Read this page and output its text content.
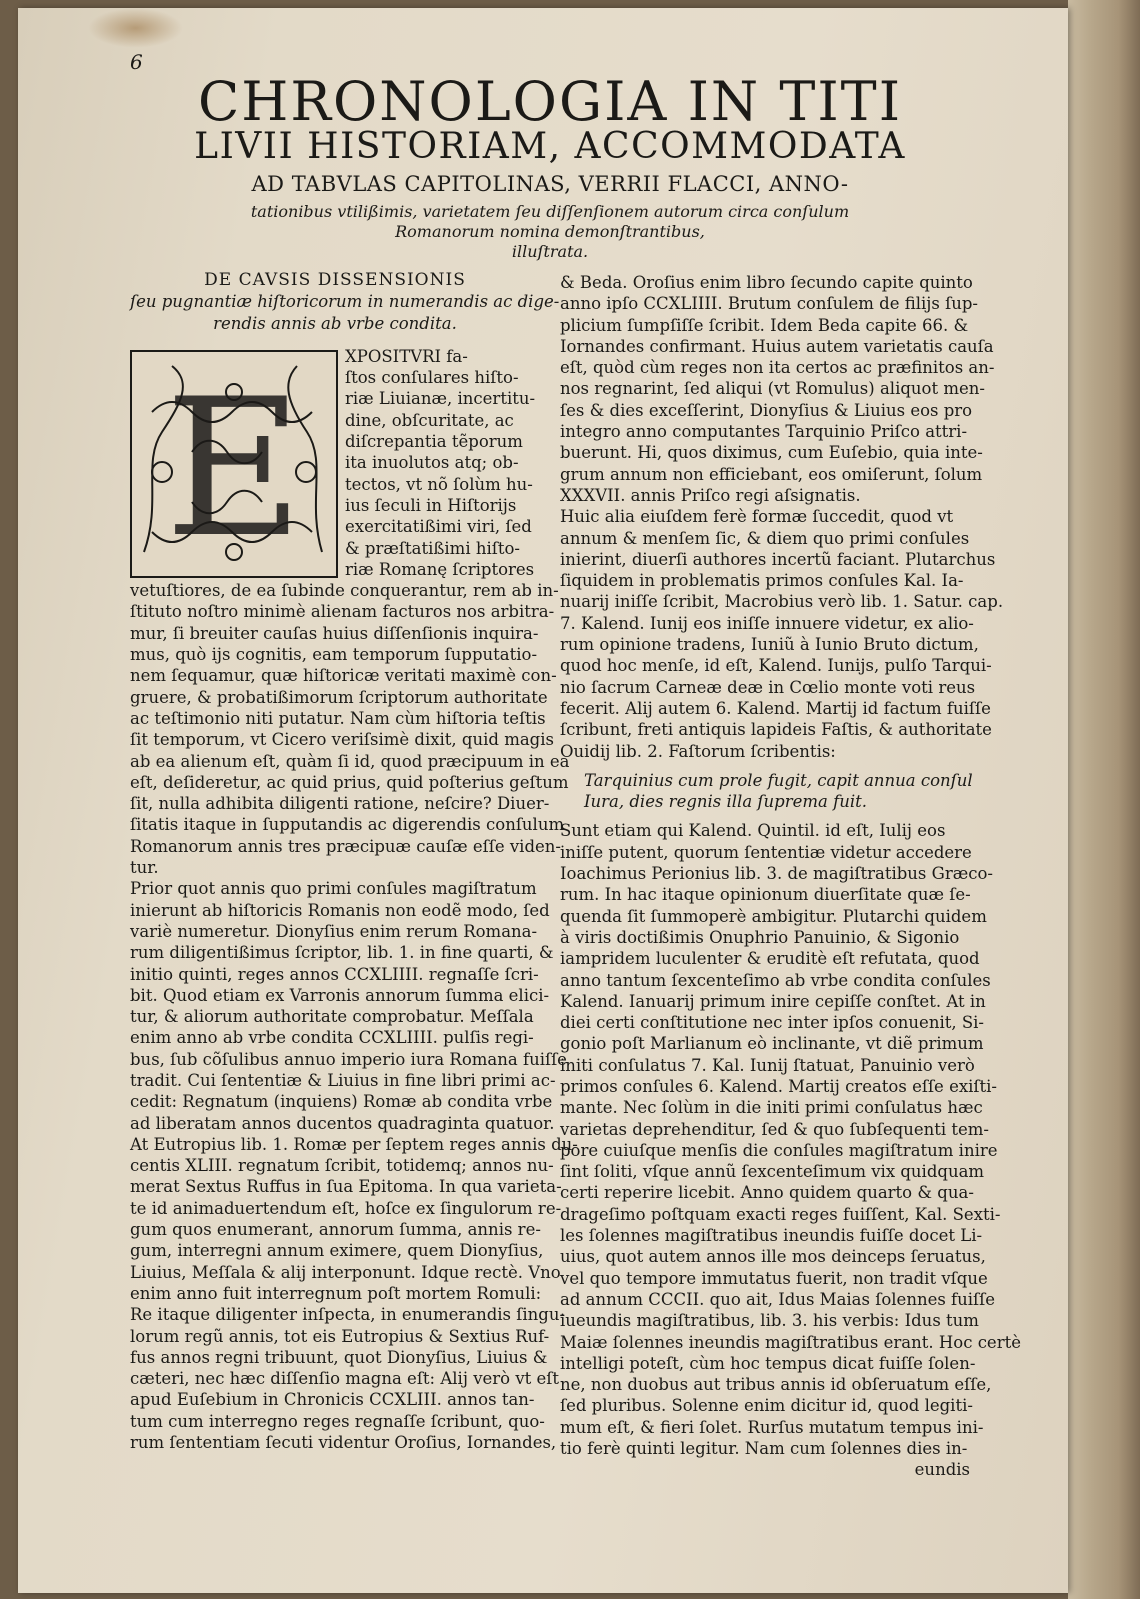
6
CHRONOLOGIA IN TITI
LIVII HISTORIAM, ACCOMMODATA
AD TABVLAS CAPITOLINAS, VERRII FLACCI, ANNO-
tationibus vtilißimis, varietatem ſeu diſſenſionem autorum circa conſulum
Romanorum nomina demonſtrantibus,
illuſtrata.
E
DE CAVSIS DISSENSIONIS
ſeu pugnantiæ hiſtoricorum in numerandis ac dige-
rendis annis ab vrbe condita.
XPOSITVRI fa-
ſtos conſulares hiſto-
riæ Liuianæ, incertitu-
dine, obſcuritate, ac
diſcrepantia tẽporum
ita inuolutos atq; ob-
tectos, vt nõ ſolùm hu-
ius ſeculi in Hiſtorijs
exercitatißimi viri, ſed
& præſtatißimi hiſto-
riæ Romanę ſcriptores
vetuſtiores, de ea ſubinde conquerantur, rem ab in-
ſtituto noſtro minimè alienam facturos nos arbitra-
mur, ſi breuiter cauſas huius diſſenſionis inquira-
mus, quò ijs cognitis, eam temporum ſupputatio-
nem ſequamur, quæ hiſtoricæ veritati maximè con-
gruere, & probatißimorum ſcriptorum authoritate
ac teſtimonio niti putatur. Nam cùm hiſtoria teſtis
ſit temporum, vt Cicero veriſsimè dixit, quid magis
ab ea alienum eſt, quàm ſi id, quod præcipuum in ea
eſt, deſideretur, ac quid prius, quid poſterius geſtum
ſit, nulla adhibita diligenti ratione, neſcire? Diuer-
ſitatis itaque in ſupputandis ac digerendis conſulum
Romanorum annis tres præcipuæ cauſæ eſſe viden-
tur.
Prior quot annis quo primi conſules magiſtratum
inierunt ab hiſtoricis Romanis non eodẽ modo, ſed
variè numeretur. Dionyſius enim rerum Romana-
rum diligentißimus ſcriptor, lib. 1. in fine quarti, &
initio quinti, reges annos CCXLIIII. regnaſſe ſcri-
bit. Quod etiam ex Varronis annorum ſumma elici-
tur, & aliorum authoritate comprobatur. Meſſala
enim anno ab vrbe condita CCXLIIII. pulſis regi-
bus, ſub cõſulibus annuo imperio iura Romana fuiſſe
tradit. Cui ſententiæ & Liuius in fine libri primi ac-
cedit: Regnatum (inquiens) Romæ ab condita vrbe
ad liberatam annos ducentos quadraginta quatuor.
At Eutropius lib. 1. Romæ per ſeptem reges annis du-
centis XLIII. regnatum ſcribit, totidemq; annos nu-
merat Sextus Ruffus in ſua Epitoma. In qua varieta-
te id animaduertendum eſt, hoſce ex ſingulorum re-
gum quos enumerant, annorum ſumma, annis re-
gum, interregni annum eximere, quem Dionyſius,
Liuius, Meſſala & alij interponunt. Idque rectè. Vno
enim anno fuit interregnum poſt mortem Romuli:
Re itaque diligenter inſpecta, in enumerandis ſingu-
lorum regũ annis, tot eis Eutropius & Sextius Ruf-
fus annos regni tribuunt, quot Dionyſius, Liuius &
cæteri, nec hæc diſſenſio magna eſt: Alij verò vt eſt
apud Euſebium in Chronicis CCXLIII. annos tan-
tum cum interregno reges regnaſſe ſcribunt, quo-
rum ſententiam ſecuti videntur Oroſius, Iornandes,
& Beda. Oroſius enim libro ſecundo capite quinto
anno ipſo CCXLIIII. Brutum conſulem de filijs ſup-
plicium ſumpſiſſe ſcribit. Idem Beda capite 66. &
Iornandes confirmant. Huius autem varietatis cauſa
eſt, quòd cùm reges non ita certos ac præfinitos an-
nos regnarint, ſed aliqui (vt Romulus) aliquot men-
ſes & dies exceſſerint, Dionyſius & Liuius eos pro
integro anno computantes Tarquinio Priſco attri-
buerunt. Hi, quos diximus, cum Euſebio, quia inte-
grum annum non efficiebant, eos omiſerunt, ſolum
XXXVII. annis Priſco regi aſsignatis.
Huic alia eiuſdem ferè formæ ſuccedit, quod vt
annum & menſem ſic, & diem quo primi conſules
inierint, diuerſi authores incertũ faciant. Plutarchus
ſiquidem in problematis primos conſules Kal. Ia-
nuarij iniſſe ſcribit, Macrobius verò lib. 1. Satur. cap.
7. Kalend. Iunij eos iniſſe innuere videtur, ex alio-
rum opinione tradens, Iuniũ à Iunio Bruto dictum,
quod hoc menſe, id eſt, Kalend. Iunijs, pulſo Tarqui-
nio ſacrum Carneæ deæ in Cœlio monte voti reus
fecerit. Alij autem 6. Kalend. Martij id factum fuiſſe
ſcribunt, freti antiquis lapideis Faſtis, & authoritate
Ouidij lib. 2. Faſtorum ſcribentis:
Tarquinius cum prole fugit, capit annua conſul
Iura, dies regnis illa ſuprema fuit.
Sunt etiam qui Kalend. Quintil. id eſt, Iulij eos
iniſſe putent, quorum ſententiæ videtur accedere
Ioachimus Perionius lib. 3. de magiſtratibus Græco-
rum. In hac itaque opinionum diuerſitate quæ ſe-
quenda ſit ſummoperè ambigitur. Plutarchi quidem
à viris doctißimis Onuphrio Panuinio, & Sigonio
iampridem luculenter & eruditè eſt refutata, quod
anno tantum ſexcenteſimo ab vrbe condita conſules
Kalend. Ianuarij primum inire cepiſſe conſtet. At in
diei certi conſtitutione nec inter ipſos conuenit, Si-
gonio poſt Marlianum eò inclinante, vt diẽ primum
initi conſulatus 7. Kal. Iunij ſtatuat, Panuinio verò
primos conſules 6. Kalend. Martij creatos eſſe exiſti-
mante. Nec ſolùm in die initi primi conſulatus hæc
varietas deprehenditur, ſed & quo ſubſequenti tem-
pore cuiuſque menſis die conſules magiſtratum inire
ſint ſoliti, vſque annũ ſexcenteſimum vix quidquam
certi reperire licebit. Anno quidem quarto & qua-
drageſimo poſtquam exacti reges fuiſſent, Kal. Sexti-
les ſolennes magiſtratibus ineundis fuiſſe docet Li-
uius, quot autem annos ille mos deinceps ſeruatus,
vel quo tempore immutatus fuerit, non tradit vſque
ad annum CCCII. quo ait, Idus Maias ſolennes fuiſſe
iueundis magiſtratibus, lib. 3. his verbis: Idus tum
Maiæ ſolennes ineundis magiſtratibus erant. Hoc certè
intelligi poteſt, cùm hoc tempus dicat fuiſſe ſolen-
ne, non duobus aut tribus annis id obſeruatum eſſe,
ſed pluribus. Solenne enim dicitur id, quod legiti-
mum eſt, & fieri ſolet. Rurſus mutatum tempus ini-
tio ferè quinti legitur. Nam cum ſolennes dies in-
eundis
